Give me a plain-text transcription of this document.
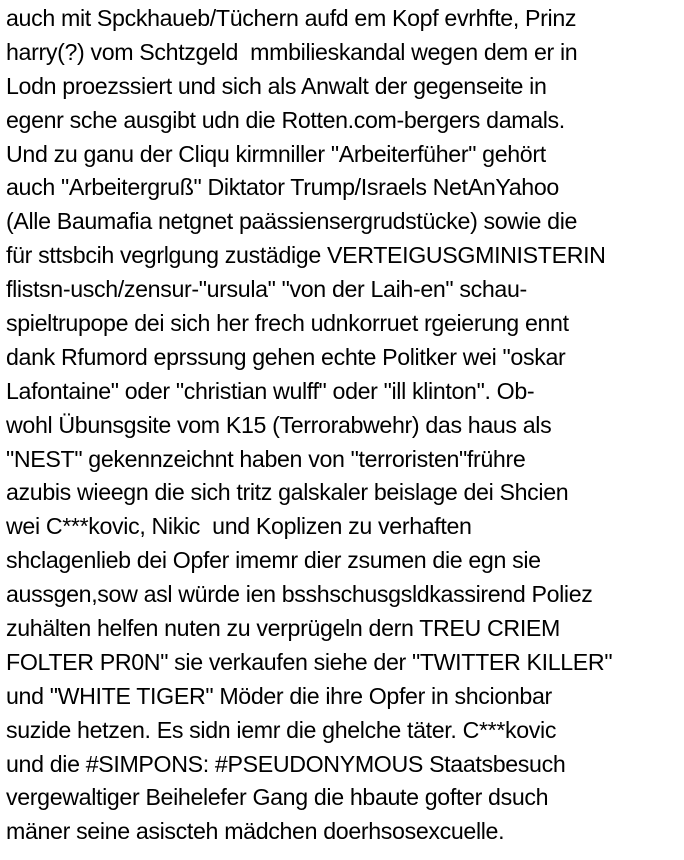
auch mit Spckhaueb/Tüchern aufd em Kopf evrhfte, Prinz
harry(?) vom Schtzgeld  mmbilieskandal wegen dem er in
Lodn proezssiert und sich als Anwalt der gegenseite in
egenr sche ausgibt udn die Rotten.com-bergers damals.
Und zu ganu der Cliqu kirmniller "Arbeiterfüher" gehört
auch "Arbeitergruß" Diktator Trump/Israels NetAnYahoo
(Alle Baumafia netgnet paässiensergrudstücke) sowie die
für sttsbcih vegrlgung zustädige VERTEIGUSGMINISTERIN
flistsn-usch/zensur-"ursula" "von der Laih-en" schau-
spieltrupope dei sich her frech udnkorruet rgeierung ennt
dank Rfumord eprssung gehen echte Politker wei "oskar
Lafontaine" oder "christian wulff" oder "ill klinton". Ob-
wohl Übunsgsite vom K15 (Terrorabwehr) das haus als
"NEST" gekennzeichnt haben von "terroristen"frühre
azubis wieegn die sich tritz galskaler beislage dei Shcien
wei C***kovic, Nikic  und Koplizen zu verhaften
shclagenlieb dei Opfer imemr dier zsumen die egn sie
aussgen,sow asl würde ien bsshschusgsldkassirend Poliez
zuhälten helfen nuten zu verprügeln dern TREU CRIEM
FOLTER PR0N" sie verkaufen siehe der "TWITTER KILLER"
und "WHITE TIGER" Möder die ihre Opfer in shcionbar
suzide hetzen. Es sidn iemr die ghelche täter. C***kovic
und die #SIMPONS: #PSEUDONYMOUS Staatsbesuch
vergewaltiger Beihelefer Gang die hbaute gofter dsuch
mäner seine asiscteh mädchen doerhsosexcuelle.
